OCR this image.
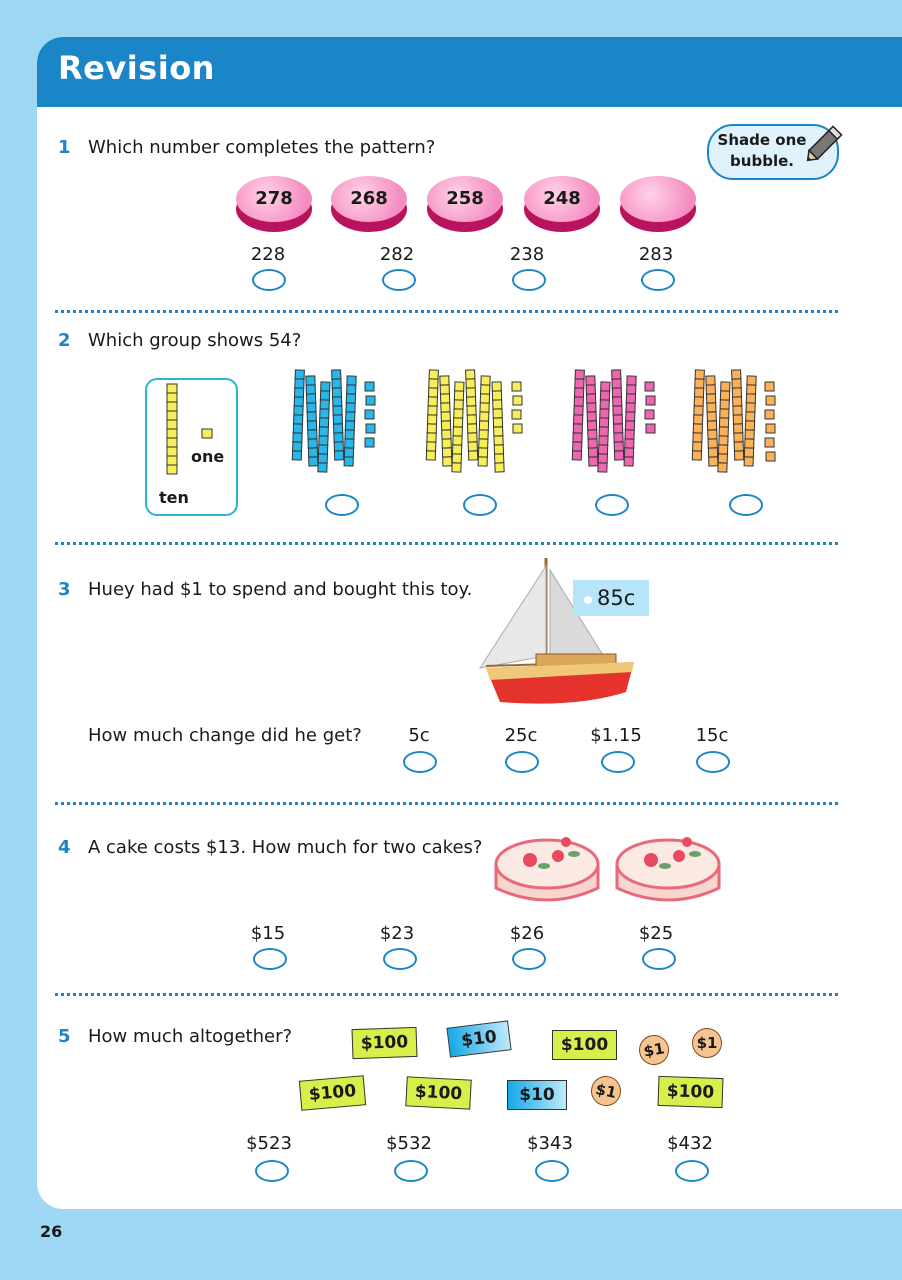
Revision
Shade one bubble.
1 Which number completes the pattern?
278	268	258	248
228	282	238	283
2 Which group shows 54?
one
ten
3 Huey had $1 to spend and bought this toy.	85c
How much change did he get?	5c	25c	$1.15	15c
4 A cake costs $13. How much for two cakes?
$15	$23	$26	$25
5 How much altogether?	$100	$10	$100	$1	$1
$100	$100	$10	$1	$100
$523	$532	$343	$432
26
